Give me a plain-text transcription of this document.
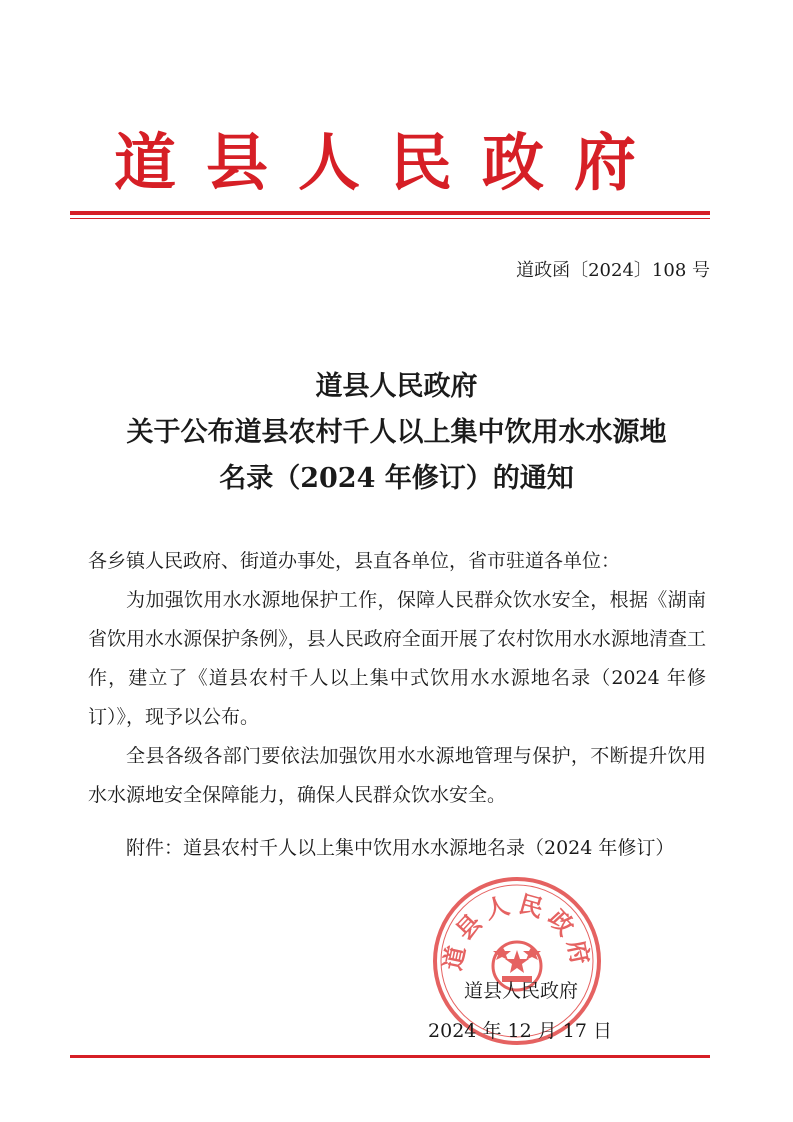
道县人民政府
道政函〔2024〕108 号
道县人民政府
关于公布道县农村千人以上集中饮用水水源地
名录（2024 年修订）的通知

各乡镇人民政府、街道办事处，县直各单位，省市驻道各单位：

为加强饮用水水源地保护工作，保障人民群众饮水安全，根据《湖南省饮用水水源保护条例》，县人民政府全面开展了农村饮用水水源地清查工作，建立了《道县农村千人以上集中式饮用水水源地名录（2024 年修订）》，现予以公布。

全县各级各部门要依法加强饮用水水源地管理与保护，不断提升饮用水水源地安全保障能力，确保人民群众饮水安全。

附件：道县农村千人以上集中饮用水水源地名录（2024 年修订）

道县人民政府
道县人民政府
2024 年 12 月 17 日
